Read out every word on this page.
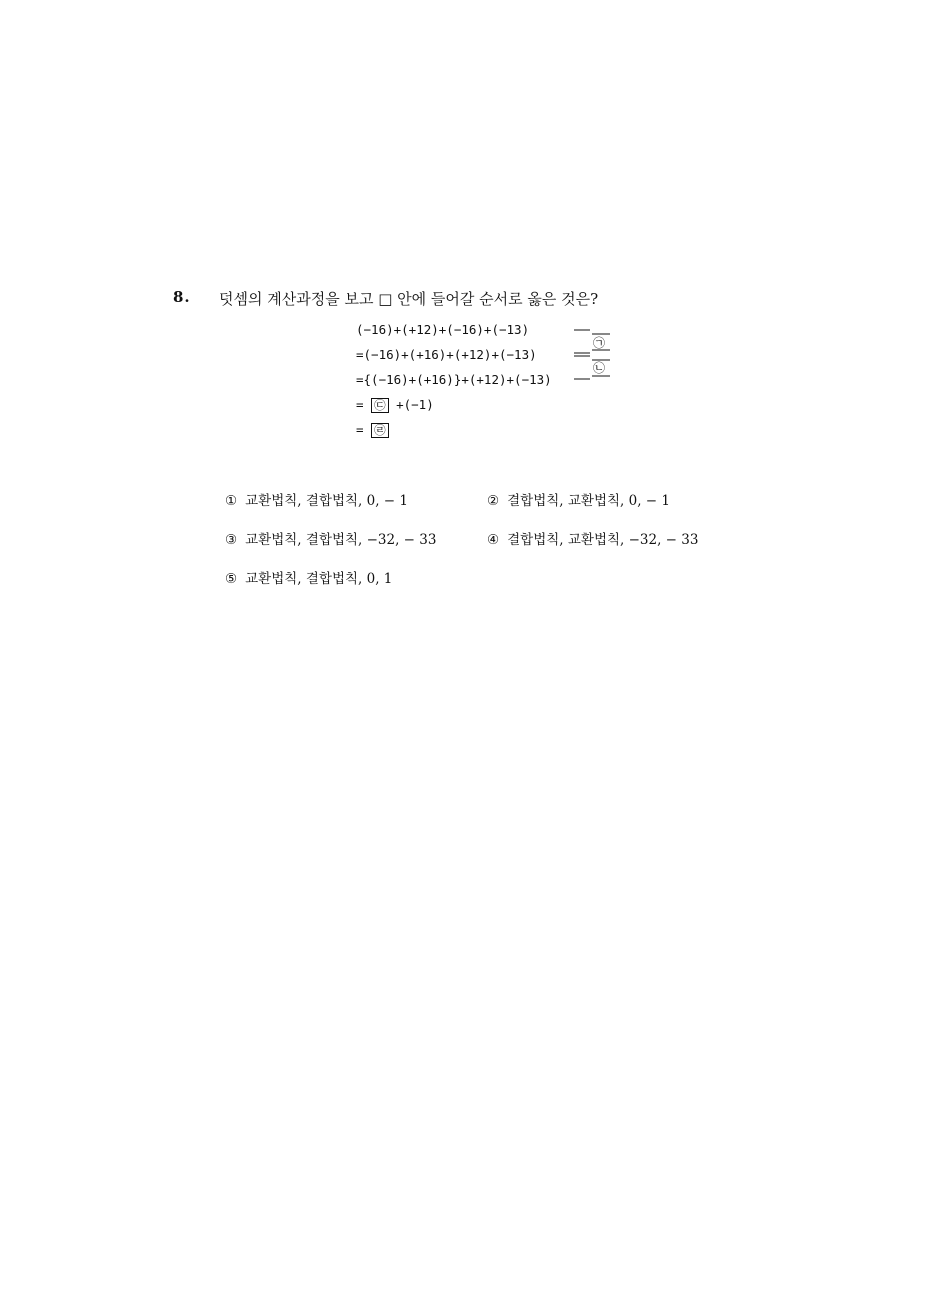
8. 덧셈의 계산과정을 보고 □ 안에 들어갈 순서로 옳은 것은?
(−16)+(+12)+(−16)+(−13)
=(−16)+(+16)+(+12)+(−13)
={(−16)+(+16)}+(+12)+(−13)
= ㉢ +(−1)
= ㉣
㉠
㉡
① 교환법칙, 결합법칙, 0, − 1	② 결합법칙, 교환법칙, 0, − 1
③ 교환법칙, 결합법칙, −32, − 33	④ 결합법칙, 교환법칙, −32, − 33
⑤ 교환법칙, 결합법칙, 0, 1
